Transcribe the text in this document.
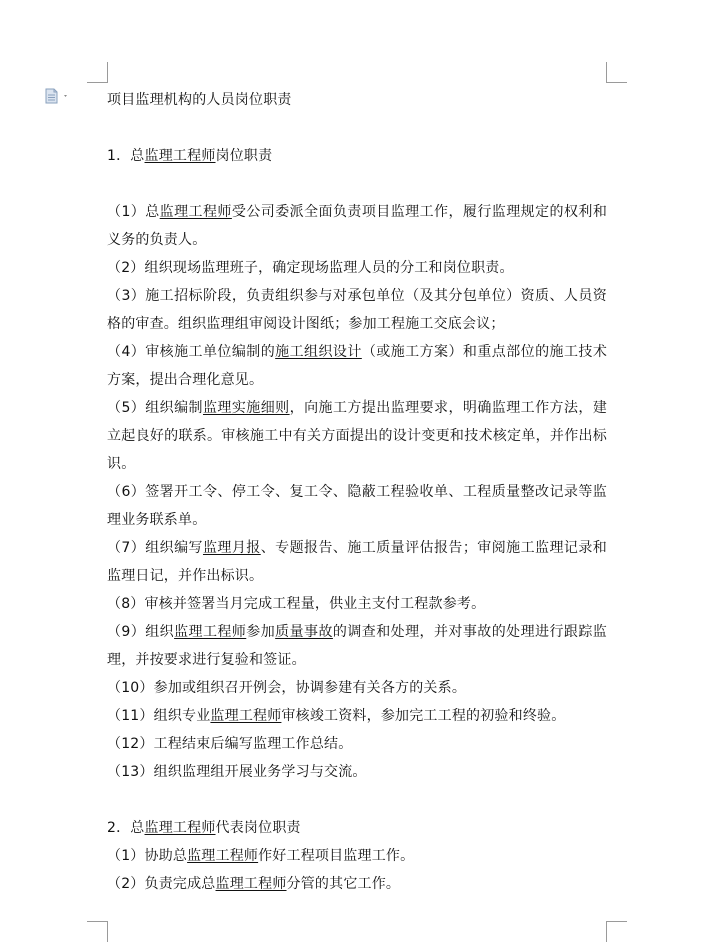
项目监理机构的人员岗位职责
1．总监理工程师岗位职责
（1）总监理工程师受公司委派全面负责项目监理工作，履行监理规定的权利和
义务的负责人。
（2）组织现场监理班子，确定现场监理人员的分工和岗位职责。
（3）施工招标阶段，负责组织参与对承包单位（及其分包单位）资质、人员资
格的审查。组织监理组审阅设计图纸；参加工程施工交底会议；
（4）审核施工单位编制的施工组织设计（或施工方案）和重点部位的施工技术
方案，提出合理化意见。
（5）组织编制监理实施细则，向施工方提出监理要求，明确监理工作方法，建
立起良好的联系。审核施工中有关方面提出的设计变更和技术核定单，并作出标
识。
（6）签署开工令、停工令、复工令、隐蔽工程验收单、工程质量整改记录等监
理业务联系单。
（7）组织编写监理月报、专题报告、施工质量评估报告；审阅施工监理记录和
监理日记，并作出标识。
（8）审核并签署当月完成工程量，供业主支付工程款参考。
（9）组织监理工程师参加质量事故的调查和处理，并对事故的处理进行跟踪监
理，并按要求进行复验和签证。
（10）参加或组织召开例会，协调参建有关各方的关系。
（11）组织专业监理工程师审核竣工资料，参加完工工程的初验和终验。
（12）工程结束后编写监理工作总结。
（13）组织监理组开展业务学习与交流。
2．总监理工程师代表岗位职责
（1）协助总监理工程师作好工程项目监理工作。
（2）负责完成总监理工程师分管的其它工作。
